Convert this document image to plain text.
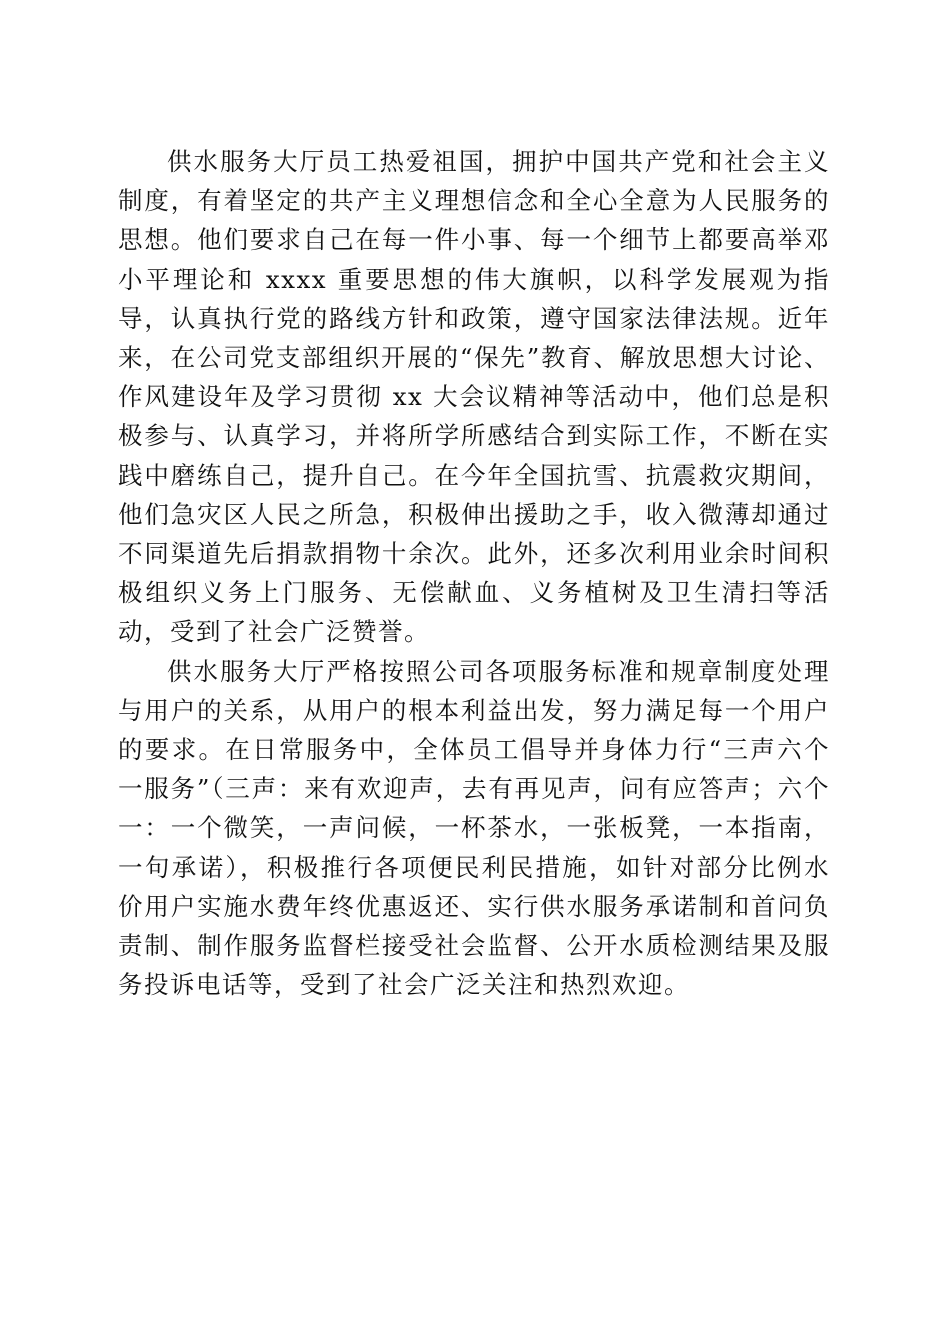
供水服务大厅员工热爱祖国，拥护中国共产党和社会主义制度，有着坚定的共产主义理想信念和全心全意为人民服务的思想。他们要求自己在每一件小事、每一个细节上都要高举邓小平理论和 xxxx 重要思想的伟大旗帜，以科学发展观为指导，认真执行党的路线方针和政策，遵守国家法律法规。近年来，在公司党支部组织开展的“保先”教育、解放思想大讨论、作风建设年及学习贯彻 xx 大会议精神等活动中，他们总是积极参与、认真学习，并将所学所感结合到实际工作，不断在实践中磨练自己，提升自己。在今年全国抗雪、抗震救灾期间，他们急灾区人民之所急，积极伸出援助之手，收入微薄却通过不同渠道先后捐款捐物十余次。此外，还多次利用业余时间积极组织义务上门服务、无偿献血、义务植树及卫生清扫等活动，受到了社会广泛赞誉。

供水服务大厅严格按照公司各项服务标准和规章制度处理与用户的关系，从用户的根本利益出发，努力满足每一个用户的要求。在日常服务中，全体员工倡导并身体力行“三声六个一服务”（三声：来有欢迎声，去有再见声，问有应答声；六个一：一个微笑，一声问候，一杯茶水，一张板凳，一本指南，一句承诺），积极推行各项便民利民措施，如针对部分比例水价用户实施水费年终优惠返还、实行供水服务承诺制和首问负责制、制作服务监督栏接受社会监督、公开水质检测结果及服务投诉电话等，受到了社会广泛关注和热烈欢迎。
